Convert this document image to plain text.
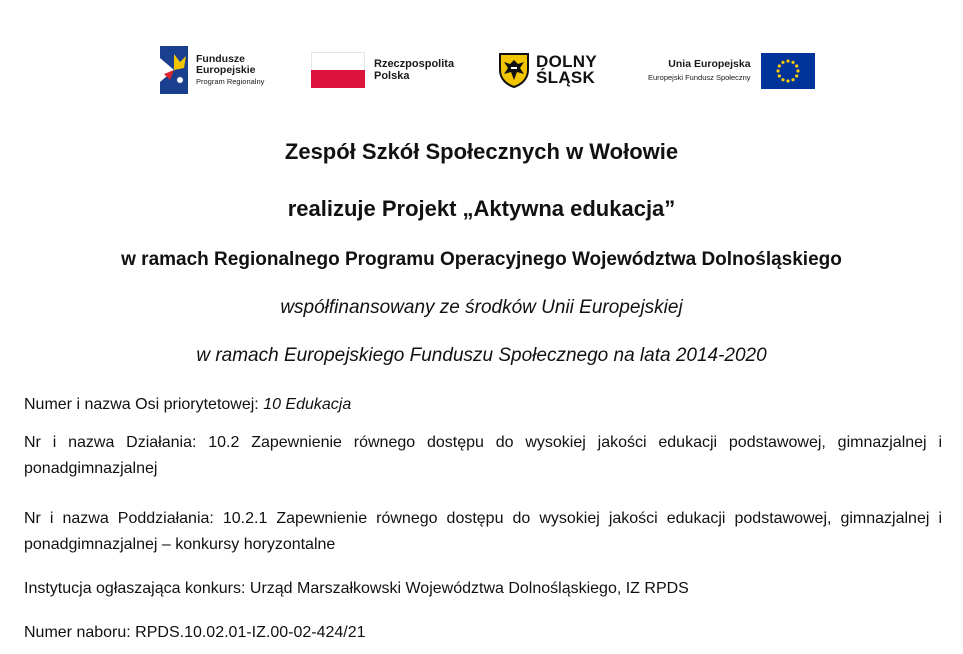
Fundusze
Europejskie
Program Regionalny
Rzeczpospolita
Polska
DOLNY
ŚLĄSK
Unia Europejska
Europejski Fundusz Społeczny
Zespół Szkół Społecznych w Wołowie
realizuje Projekt „Aktywna edukacja”
w ramach Regionalnego Programu Operacyjnego Województwa Dolnośląskiego
współfinansowany ze środków Unii Europejskiej
w ramach Europejskiego Funduszu Społecznego na lata 2014-2020
Numer i nazwa Osi priorytetowej: 10 Edukacja
Nr i nazwa Działania: 10.2 Zapewnienie równego dostępu do wysokiej jakości edukacji podstawowej, gimnazjalnej i ponadgimnazjalnej
Nr i nazwa Poddziałania: 10.2.1 Zapewnienie równego dostępu do wysokiej jakości edukacji podstawowej, gimnazjalnej i ponadgimnazjalnej – konkursy horyzontalne
Instytucja ogłaszająca konkurs: Urząd Marszałkowski Województwa Dolnośląskiego, IZ RPDS
Numer naboru: RPDS.10.02.01-IZ.00-02-424/21
